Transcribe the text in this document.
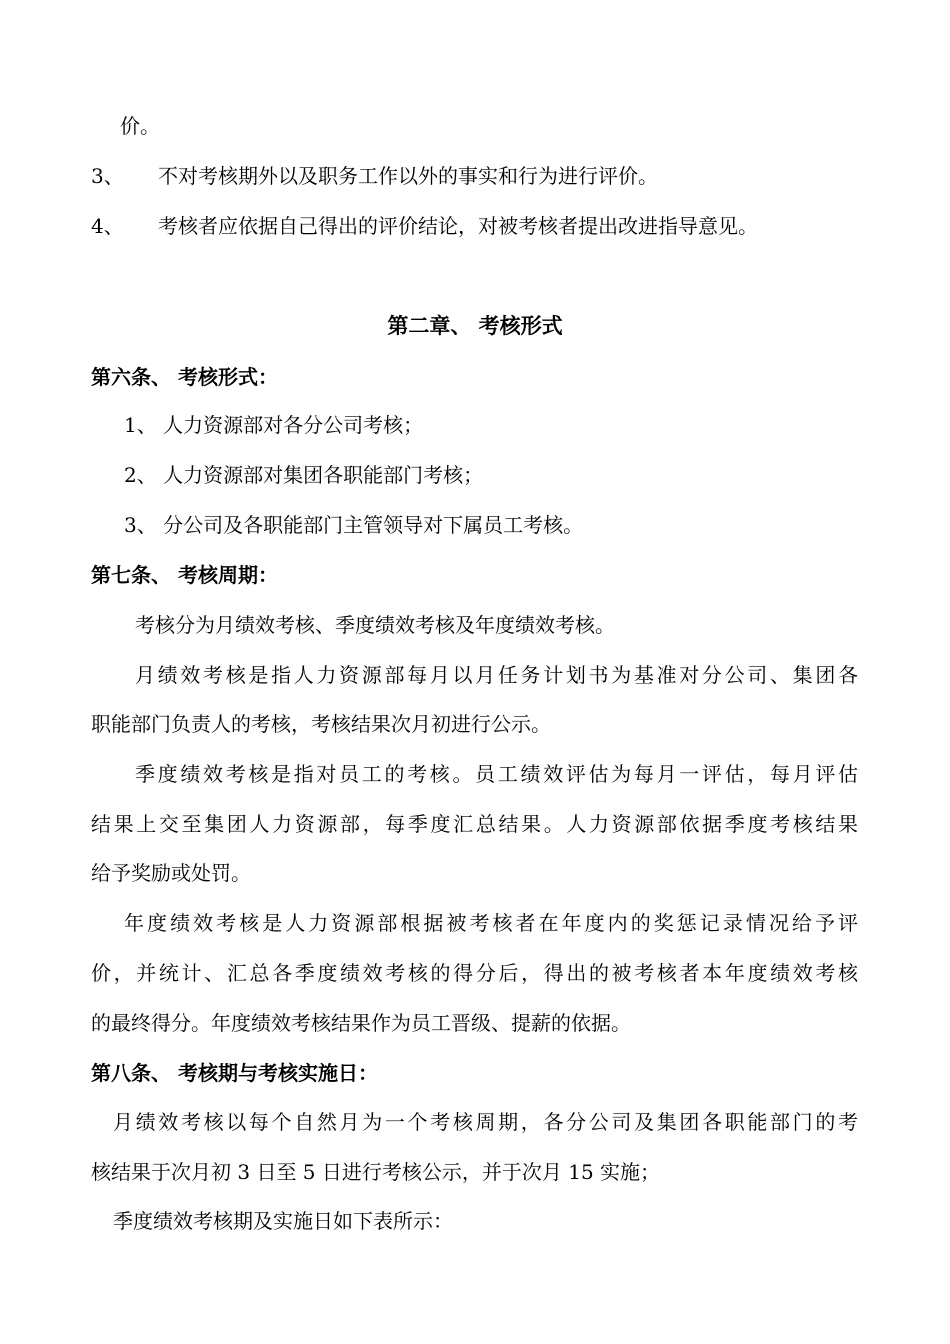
价。
3、 不对考核期外以及职务工作以外的事实和行为进行评价。
4、 考核者应依据自己得出的评价结论，对被考核者提出改进指导意见。
第二章、 考核形式
第六条、 考核形式：
1、 人力资源部对各分公司考核；
2、 人力资源部对集团各职能部门考核；
3、 分公司及各职能部门主管领导对下属员工考核。
第七条、 考核周期：
考核分为月绩效考核、季度绩效考核及年度绩效考核。
月绩效考核是指人力资源部每月以月任务计划书为基准对分公司、集团各
职能部门负责人的考核，考核结果次月初进行公示。
季度绩效考核是指对员工的考核。员工绩效评估为每月一评估，每月评估
结果上交至集团人力资源部，每季度汇总结果。人力资源部依据季度考核结果
给予奖励或处罚。
年度绩效考核是人力资源部根据被考核者在年度内的奖惩记录情况给予评
价，并统计、汇总各季度绩效考核的得分后，得出的被考核者本年度绩效考核
的最终得分。年度绩效考核结果作为员工晋级、提薪的依据。
第八条、 考核期与考核实施日：
月绩效考核以每个自然月为一个考核周期，各分公司及集团各职能部门的考
核结果于次月初 3 日至 5 日进行考核公示，并于次月 15 实施；
季度绩效考核期及实施日如下表所示：
